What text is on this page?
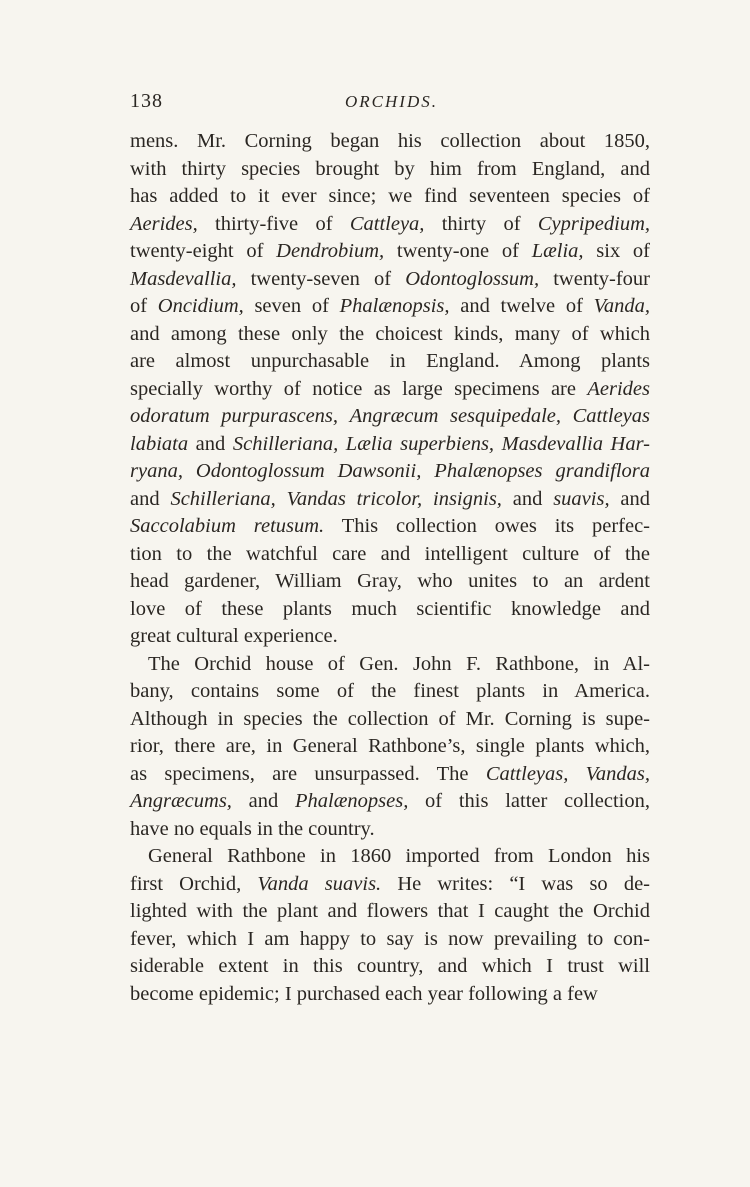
138	ORCHIDS.
mens. Mr. Corning began his collection about 1850,
with thirty species brought by him from England, and
has added to it ever since; we find seventeen species of
Aerides, thirty-five of Cattleya, thirty of Cypripedium,
twenty-eight of Dendrobium, twenty-one of Lælia, six of
Masdevallia, twenty-seven of Odontoglossum, twenty-four
of Oncidium, seven of Phalænopsis, and twelve of Vanda,
and among these only the choicest kinds, many of which
are almost unpurchasable in England. Among plants
specially worthy of notice as large specimens are Aerides
odoratum purpurascens, Angræcum sesquipedale, Cattleyas
labiata and Schilleriana, Lælia superbiens, Masdevallia Har-
ryana, Odontoglossum Dawsonii, Phalænopses grandiflora
and Schilleriana, Vandas tricolor, insignis, and suavis, and
Saccolabium retusum. This collection owes its perfec-
tion to the watchful care and intelligent culture of the
head gardener, William Gray, who unites to an ardent
love of these plants much scientific knowledge and
great cultural experience.
The Orchid house of Gen. John F. Rathbone, in Al-
bany, contains some of the finest plants in America.
Although in species the collection of Mr. Corning is supe-
rior, there are, in General Rathbone’s, single plants which,
as specimens, are unsurpassed. The Cattleyas, Vandas,
Angræcums, and Phalænopses, of this latter collection,
have no equals in the country.
General Rathbone in 1860 imported from London his
first Orchid, Vanda suavis. He writes: “I was so de-
lighted with the plant and flowers that I caught the Orchid
fever, which I am happy to say is now prevailing to con-
siderable extent in this country, and which I trust will
become epidemic; I purchased each year following a few
